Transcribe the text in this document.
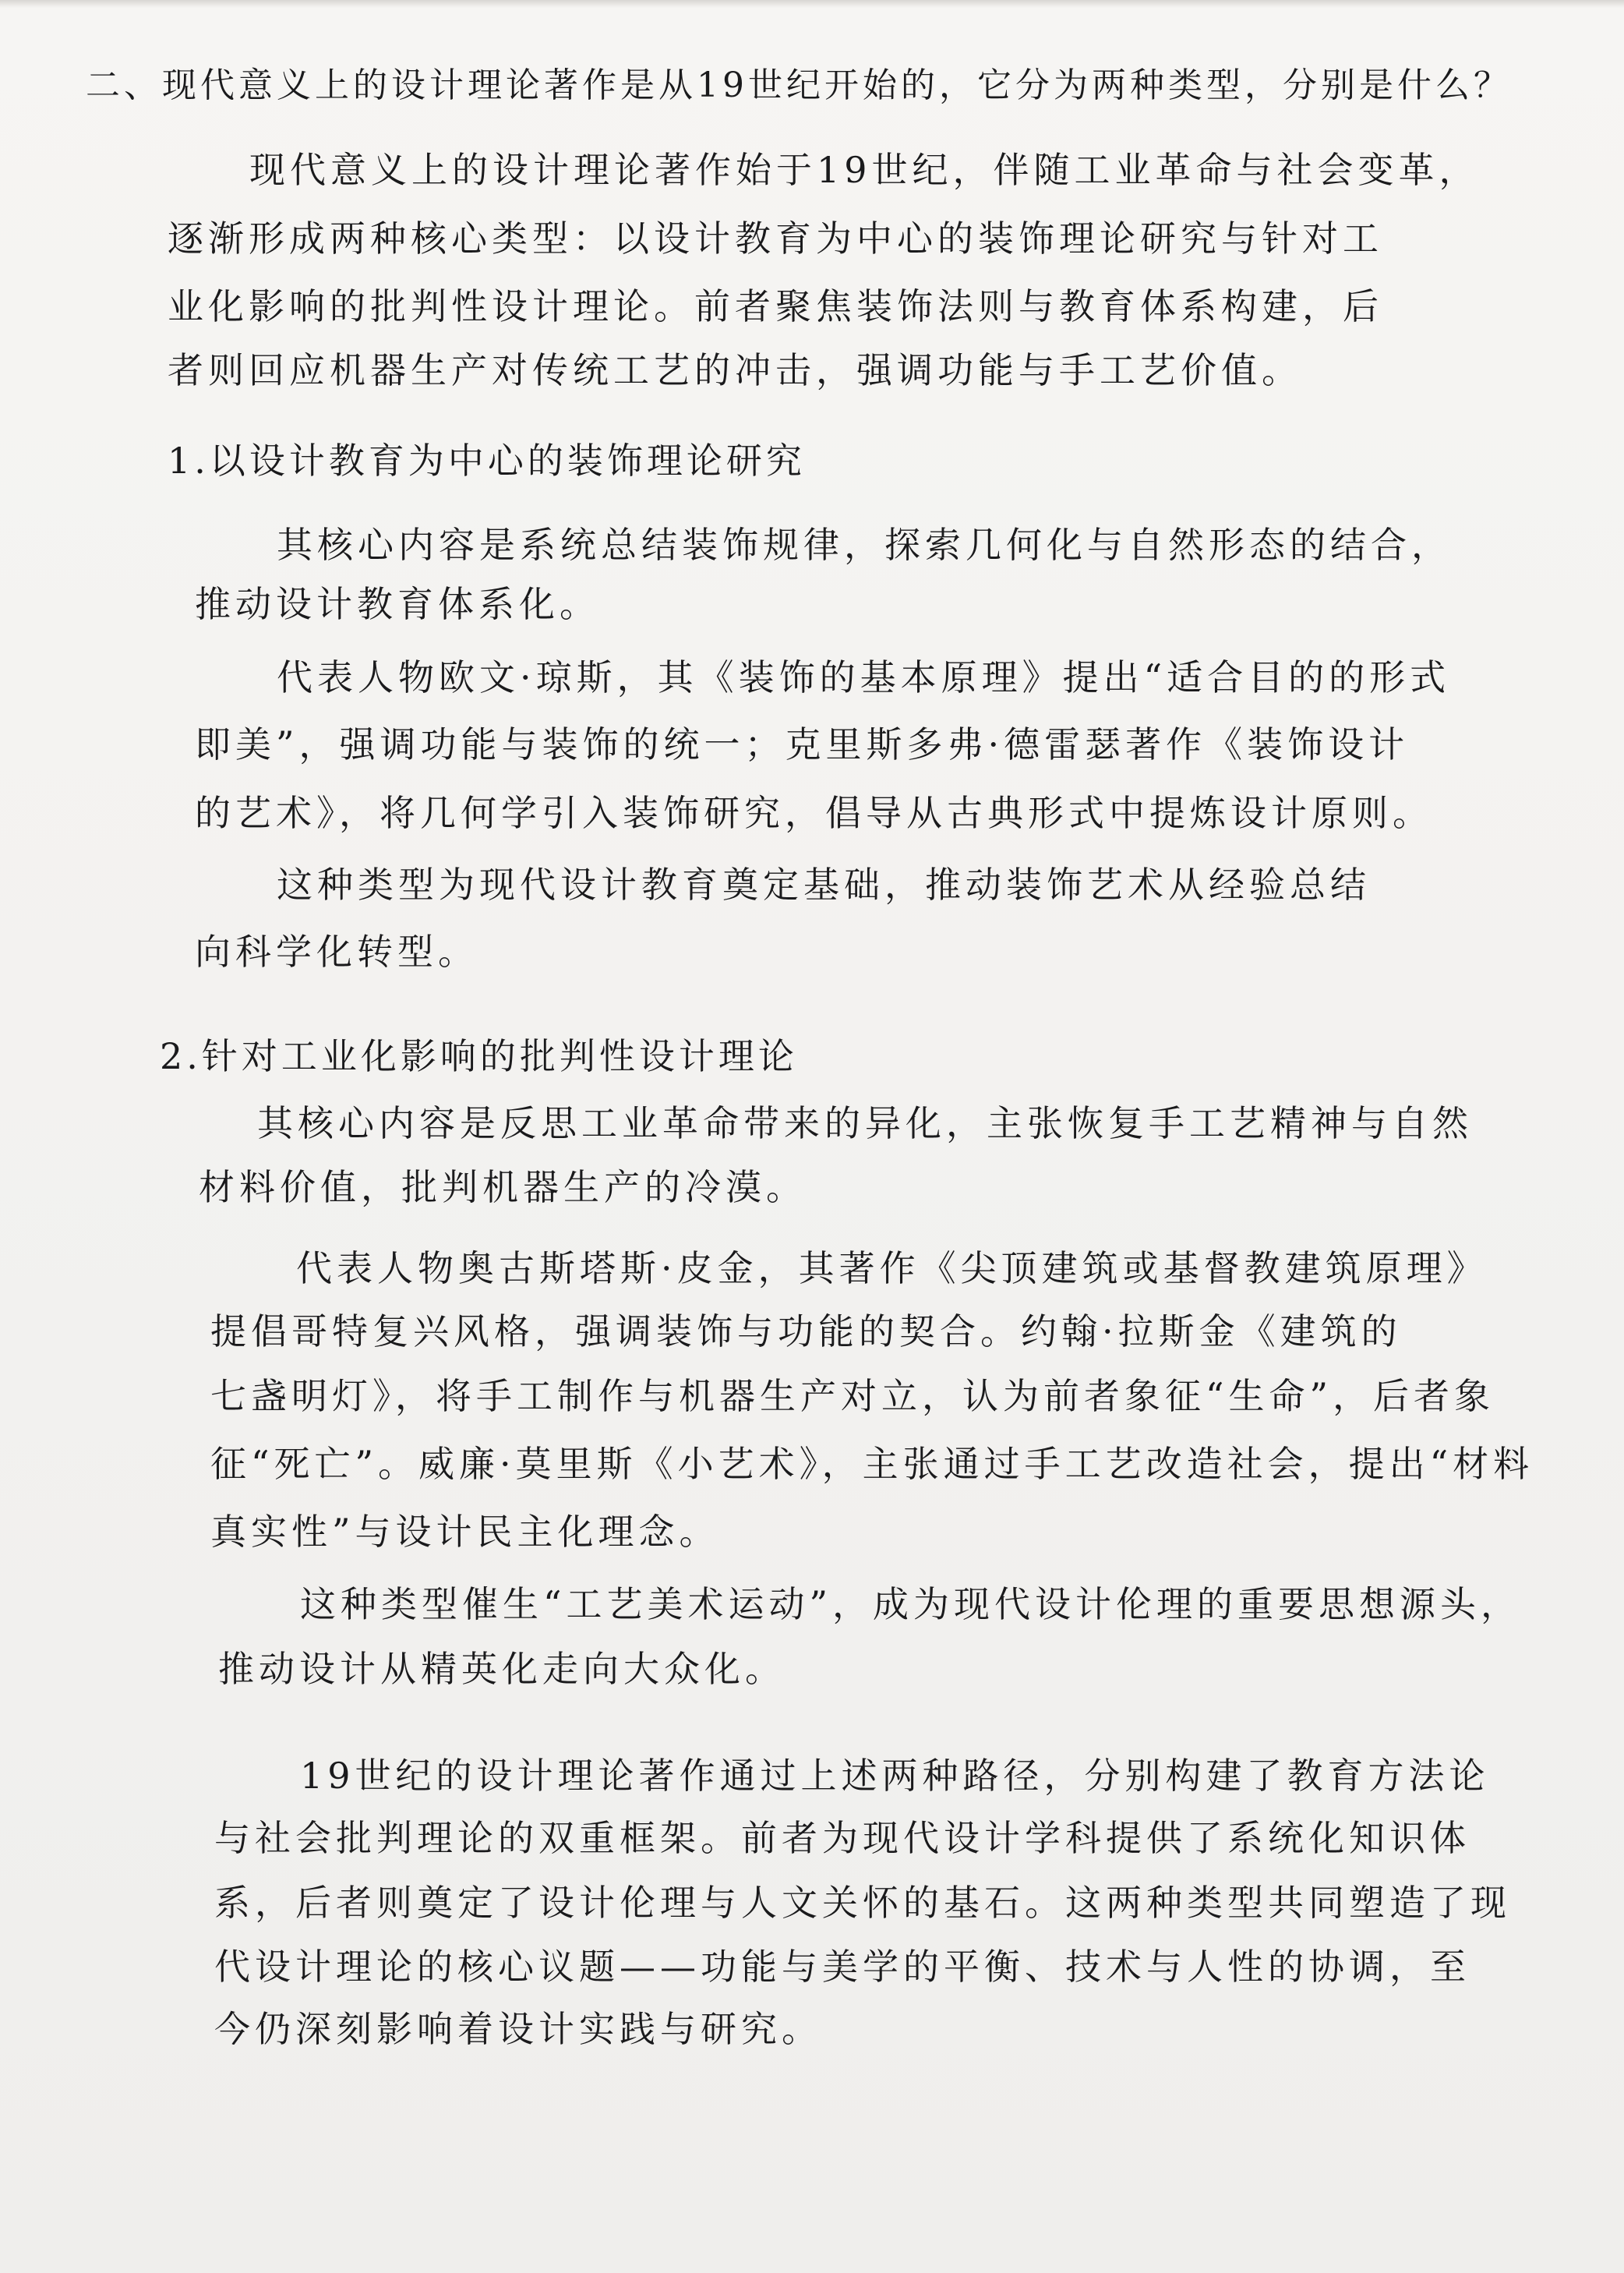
二、现代意义上的设计理论著作是从19世纪开始的，它分为两种类型，分别是什么？
现代意义上的设计理论著作始于19世纪，伴随工业革命与社会变革，
逐渐形成两种核心类型：以设计教育为中心的装饰理论研究与针对工
业化影响的批判性设计理论。前者聚焦装饰法则与教育体系构建，后
者则回应机器生产对传统工艺的冲击，强调功能与手工艺价值。
1.以设计教育为中心的装饰理论研究
其核心内容是系统总结装饰规律，探索几何化与自然形态的结合，
推动设计教育体系化。
代表人物欧文·琼斯，其《装饰的基本原理》提出“适合目的的形式
即美”，强调功能与装饰的统一；克里斯多弗·德雷瑟著作《装饰设计
的艺术》，将几何学引入装饰研究，倡导从古典形式中提炼设计原则。
这种类型为现代设计教育奠定基础，推动装饰艺术从经验总结
向科学化转型。
2.针对工业化影响的批判性设计理论
其核心内容是反思工业革命带来的异化，主张恢复手工艺精神与自然
材料价值，批判机器生产的冷漠。
代表人物奥古斯塔斯·皮金，其著作《尖顶建筑或基督教建筑原理》
提倡哥特复兴风格，强调装饰与功能的契合。约翰·拉斯金《建筑的
七盏明灯》，将手工制作与机器生产对立，认为前者象征“生命”，后者象
征“死亡”。威廉·莫里斯《小艺术》，主张通过手工艺改造社会，提出“材料
真实性”与设计民主化理念。
这种类型催生“工艺美术运动”，成为现代设计伦理的重要思想源头，
推动设计从精英化走向大众化。
19世纪的设计理论著作通过上述两种路径，分别构建了教育方法论
与社会批判理论的双重框架。前者为现代设计学科提供了系统化知识体
系，后者则奠定了设计伦理与人文关怀的基石。这两种类型共同塑造了现
代设计理论的核心议题——功能与美学的平衡、技术与人性的协调，至
今仍深刻影响着设计实践与研究。
